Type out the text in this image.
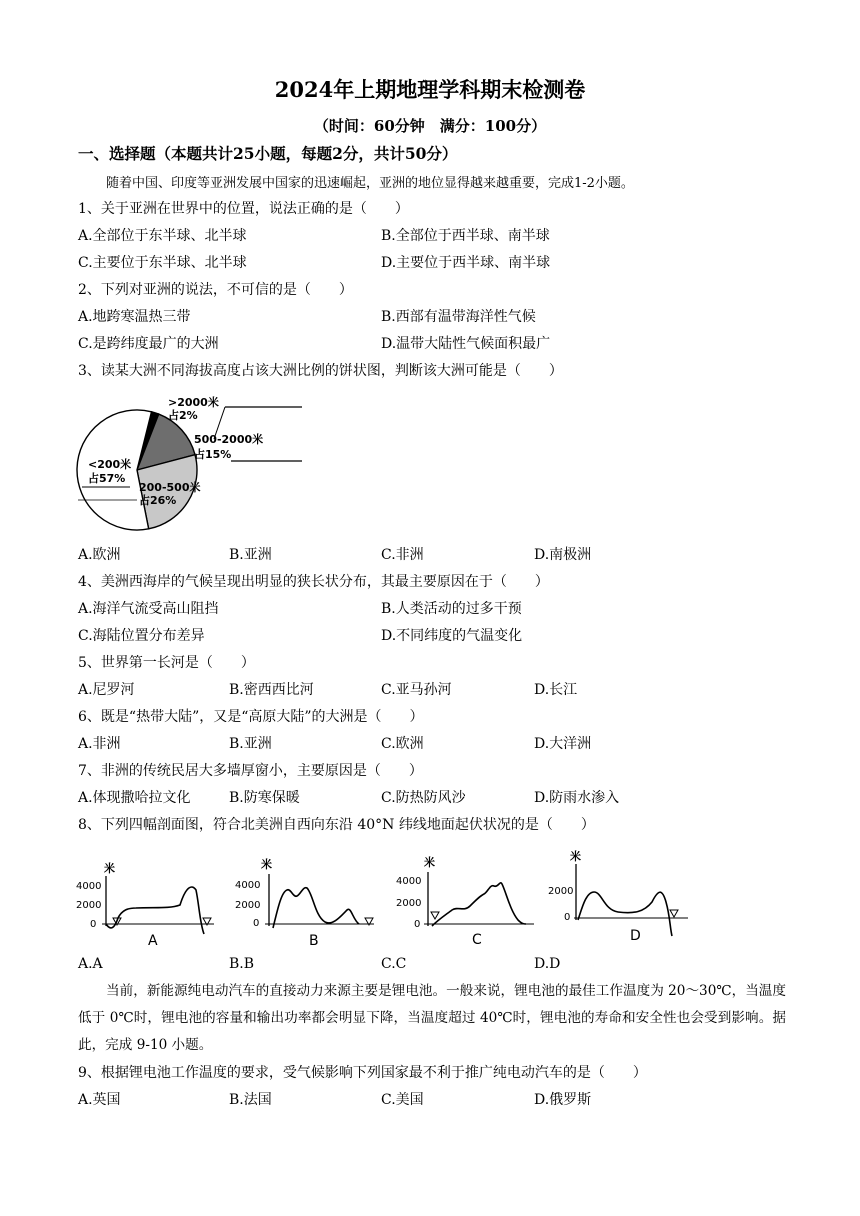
2024年上期地理学科期末检测卷
（时间：60分钟　满分：100分）
一、选择题（本题共计25小题，每题2分，共计50分）
随着中国、印度等亚洲发展中国家的迅速崛起，亚洲的地位显得越来越重要，完成1-2小题。
1、关于亚洲在世界中的位置，说法正确的是（　　）
A.全部位于东半球、北半球	B.全部位于西半球、南半球
C.主要位于东半球、北半球	D.主要位于西半球、南半球
2、下列对亚洲的说法，不可信的是（　　）
A.地跨寒温热三带	B.西部有温带海洋性气候
C.是跨纬度最广的大洲	D.温带大陆性气候面积最广
3、读某大洲不同海拔高度占该大洲比例的饼状图，判断该大洲可能是（　　）
>2000米
占2%
500-2000米
占15%
<200米
占57%
200-500米
占26%
A.欧洲	B.亚洲	C.非洲	D.南极洲
4、美洲西海岸的气候呈现出明显的狭长状分布，其最主要原因在于（　　）
A.海洋气流受高山阻挡	B.人类活动的过多干预
C.海陆位置分布差异	D.不同纬度的气温变化
5、世界第一长河是（　　）
A.尼罗河	B.密西西比河	C.亚马孙河	D.长江
6、既是“热带大陆”，又是“高原大陆”的大洲是（　　）
A.非洲	B.亚洲	C.欧洲	D.大洋洲
7、非洲的传统民居大多墙厚窗小，主要原因是（　　）
A.体现撒哈拉文化	B.防寒保暖	C.防热防风沙	D.防雨水渗入
8、下列四幅剖面图，符合北美洲自西向东沿 40°N 纬线地面起伏状况的是（　　）
米
4000
2000
0
A
米
4000
2000
0
B
米
4000
2000
0
C
米
2000
0
D
A.A	B.B	C.C	D.D
当前，新能源纯电动汽车的直接动力来源主要是锂电池。一般来说，锂电池的最佳工作温度为 20～30℃，当温度低于 0℃时，锂电池的容量和输出功率都会明显下降，当温度超过 40℃时，锂电池的寿命和安全性也会受到影响。据此，完成 9-10 小题。
9、根据锂电池工作温度的要求，受气候影响下列国家最不利于推广纯电动汽车的是（　　）
A.英国	B.法国	C.美国	D.俄罗斯
